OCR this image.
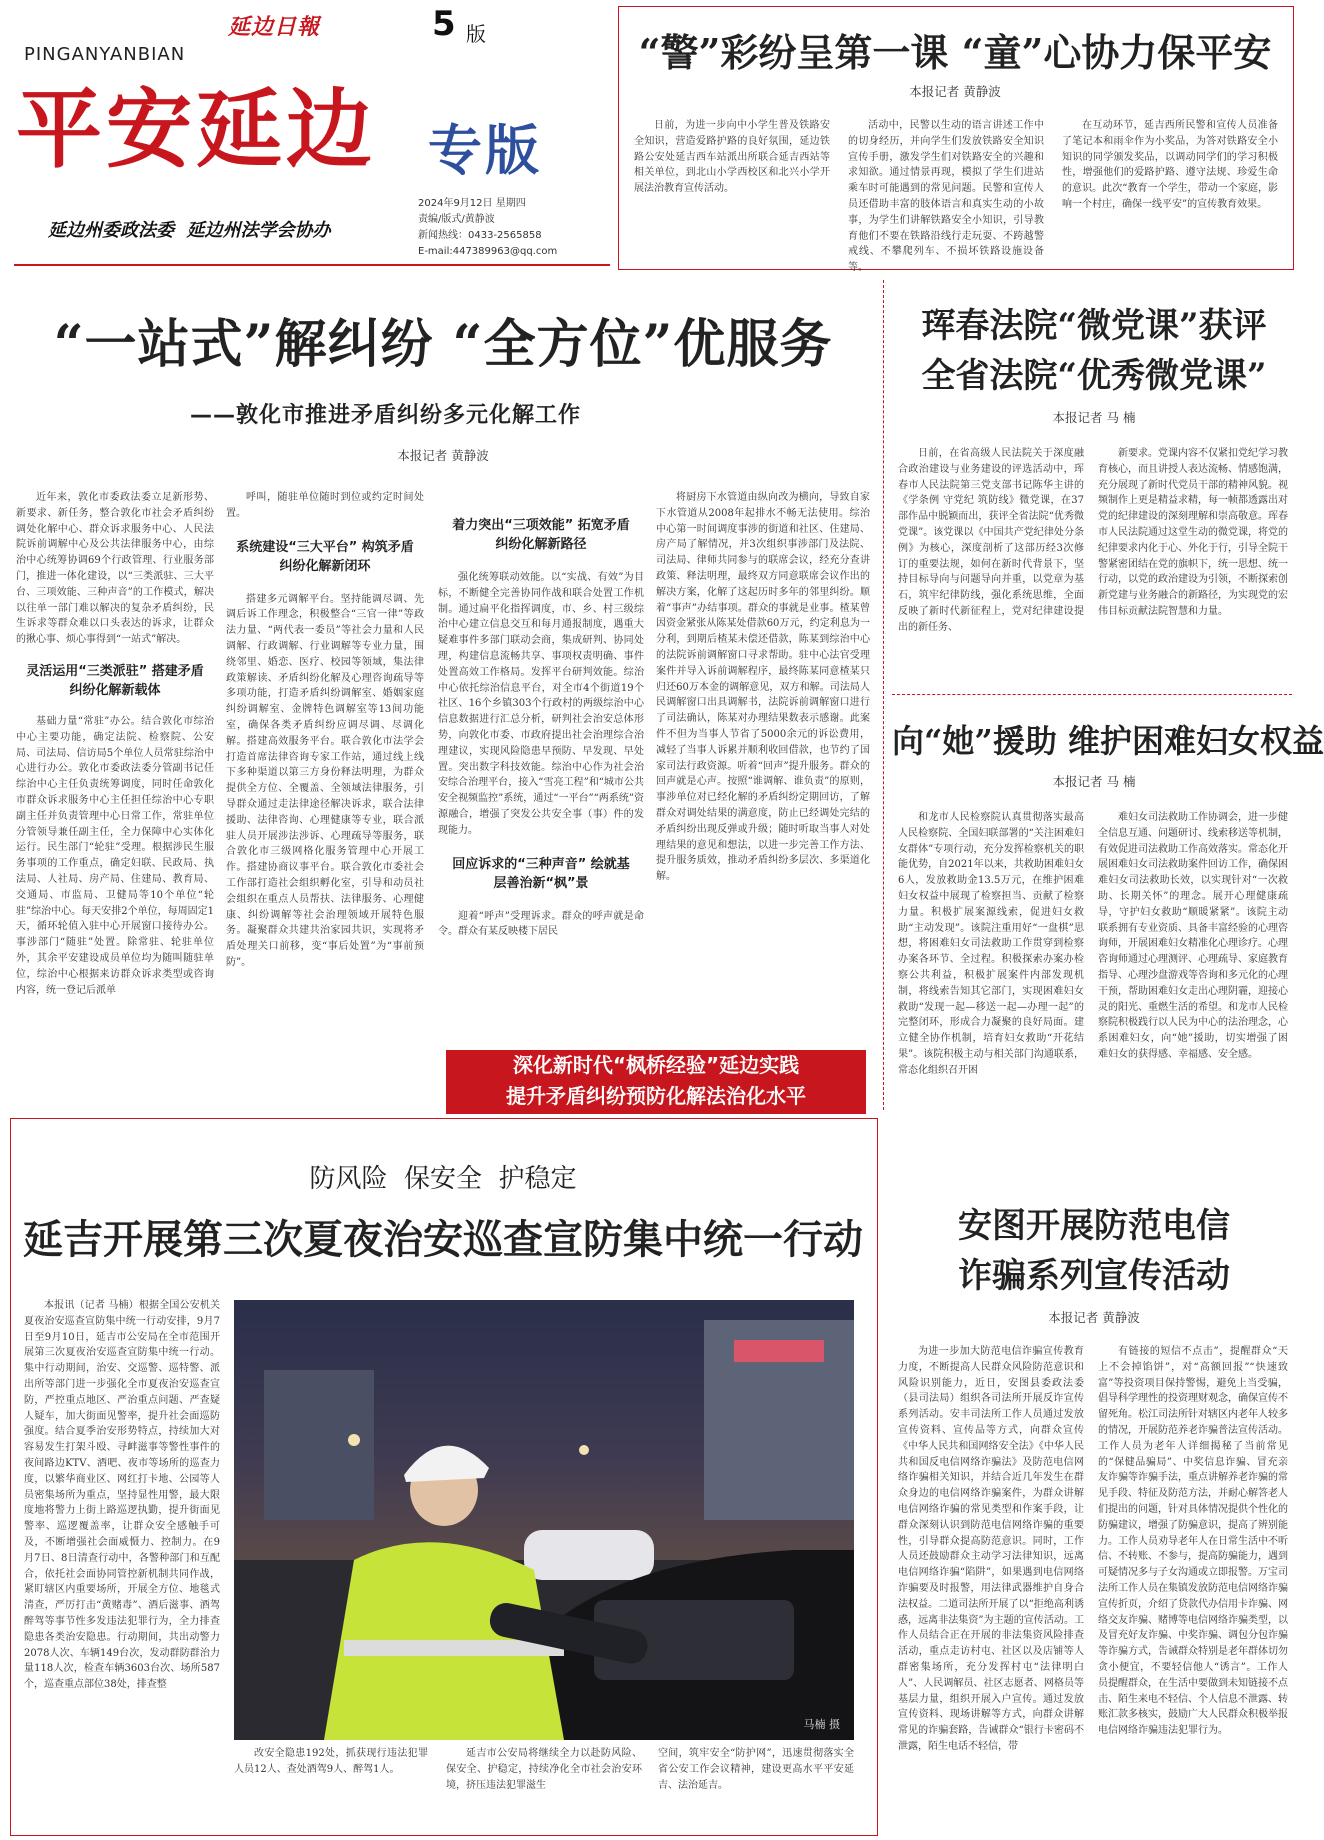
延边日報	5 版
PINGANYANBIAN
平安延边 专版
延边州委政法委  延边州法学会协办
2024年9月12日 星期四
责编/版式/黄静波
新闻热线：0433-2565858
E-mail:447389963@qq.com
“警”彩纷呈第一课 “童”心协力保平安
本报记者 黄静波

日前，为进一步向中小学生普及铁路安全知识，营造爱路护路的良好氛围，延边铁路公安处延吉西车站派出所联合延吉西站等相关单位，到北山小学西校区和北兴小学开展法治教育宣传活动。

活动中，民警以生动的语言讲述工作中的切身经历，并向学生们发放铁路安全知识宣传手册，激发学生们对铁路安全的兴趣和求知欲。通过情景再现，模拟了学生们进站乘车时可能遇到的常见问题。民警和宣传人员还借助丰富的肢体语言和真实生动的小故事，为学生们讲解铁路安全小知识，引导教育他们不要在铁路沿线行走玩耍、不跨越警戒线、不攀爬列车、不损坏铁路设施设备等。

在互动环节，延吉西所民警和宣传人员准备了笔记本和雨伞作为小奖品，为答对铁路安全小知识的同学颁发奖品，以调动同学们的学习积极性，增强他们的爱路护路、遵守法规、珍爱生命的意识。此次“教育一个学生，带动一个家庭，影响一个村庄，确保一线平安”的宣传教育效果。

“一站式”解纠纷 “全方位”优服务
——敦化市推进矛盾纠纷多元化解工作
本报记者 黄静波

近年来，敦化市委政法委立足新形势、新要求、新任务，整合敦化市社会矛盾纠纷调处化解中心、群众诉求服务中心、人民法院诉前调解中心及公共法律服务中心，由综治中心统筹协调69个行政管理、行业服务部门，推进一体化建设，以“三类派驻、三大平台、三项效能、三种声音”的工作模式，解决以往单一部门难以解决的复杂矛盾纠纷，民生诉求等群众难以口头表达的诉求，让群众的揪心事、烦心事得到“一站式”解决。

灵活运用“三类派驻” 搭建矛盾纠纷化解新载体

基础力量“常驻”办公。结合敦化市综治中心主要功能，确定法院、检察院、公安局、司法局、信访局5个单位人员常驻综治中心进行办公。敦化市委政法委分管副书记任综治中心主任负责统筹调度，同时任命敦化市群众诉求服务中心主任担任综治中心专职副主任并负责管理中心日常工作，常驻单位分管领导兼任副主任，全力保障中心实体化运行。民生部门“轮驻”受理。根据涉民生服务事项的工作重点，确定妇联、民政局、执法局、人社局、房产局、住建局、教育局、交通局、市监局、卫健局等10个单位“轮驻”综治中心。每天安排2个单位，每周固定1天，循环轮值入驻中心开展窗口接待办公。事涉部门“随驻”处置。除常驻、轮驻单位外，其余平安建设成员单位均为随叫随驻单位，综治中心根据来访群众诉求类型或咨询内容，统一登记后派单

呼叫，随驻单位随时到位或约定时间处置。

系统建设“三大平台” 构筑矛盾纠纷化解新闭环

搭建多元调解平台。坚持能调尽调、先调后诉工作理念，积极整合“三官一律”等政法力量、“两代表一委员”等社会力量和人民调解、行政调解、行业调解等专业力量，围绕邻里、婚恋、医疗、校园等领域，集法律政策解读、矛盾纠纷化解及心理咨询疏导等多项功能，打造矛盾纠纷调解室、婚姻家庭纠纷调解室、金牌特色调解室等13间功能室，确保各类矛盾纠纷应调尽调、尽调化解。搭建高效服务平台。联合敦化市法学会打造首席法律咨询专家工作站，通过线上线下多种渠道以第三方身份释法明理，为群众提供全方位、全覆盖、全领域法律服务，引导群众通过走法律途径解决诉求，联合法律援助、法律咨询、心理健康等专业，联合派驻人员开展涉法涉诉、心理疏导等服务，联合敦化市三级网格化服务管理中心开展工作。搭建协商议事平台。联合敦化市委社会工作部打造社会组织孵化室，引导和动员社会组织在重点人员帮扶、法律服务、心理健康、纠纷调解等社会治理领域开展特色服务。凝聚群众共建共治家园共识，实现将矛盾处理关口前移，变“事后处置”为“事前预防”。

着力突出“三项效能” 拓宽矛盾纠纷化解新路径

强化统筹联动效能。以“实战、有效”为目标，不断健全完善协同作战和联合处置工作机制。通过扁平化指挥调度，市、乡、村三级综治中心建立信息交互和每月通报制度，遇重大疑难事件多部门联动会商，集成研判、协同处理，构建信息流畅共享、事项权责明确、事件处置高效工作格局。发挥平台研判效能。综治中心依托综治信息平台，对全市4个街道19个社区、16个乡镇303个行政村的两级综治中心信息数据进行汇总分析，研判社会治安总体形势，向敦化市委、市政府提出社会治理综合治理建议，实现风险隐患早预防、早发现、早处置。突出数字科技效能。综治中心作为社会治安综合治理平台，接入“雪亮工程”和“城市公共安全视频监控”系统，通过“一平台”“两系统”资源融合，增强了突发公共安全事（事）件的发现能力。

回应诉求的“三种声音” 绘就基层善治新“枫”景

迎着“呼声”受理诉求。群众的呼声就是命令。群众有某反映楼下居民

将厨房下水管道由纵向改为横向，导致自家下水管道从2008年起排水不畅无法使用。综治中心第一时间调度事涉的街道和社区、住建局、房产局了解情况，并3次组织事涉部门及法院、司法局、律师共同参与的联席会议，经充分查讲政策、释法明理，最终双方同意联席会议作出的解决方案，化解了这起历时多年的邻里纠纷。顺着“事声”办结事项。群众的事就是业事。楂某曾因资金紧张从陈某处借款60万元，约定利息为一分利，到期后楂某未偿还借款，陈某到综治中心的法院诉前调解窗口寻求帮助。驻中心法官受理案件并导入诉前调解程序，最终陈某同意楂某只归还60万本金的调解意见，双方和解。司法局人民调解窗口出具调解书，法院诉前调解窗口进行了司法确认，陈某对办理结果数表示感谢。此案件不但为当事人节省了5000余元的诉讼费用，减轻了当事人诉累并顺利收回借款，也节约了国家司法行政资源。听着“回声”提升服务。群众的回声就是心声。按照“谁调解、谁负责”的原则，事涉单位对已经化解的矛盾纠纷定期回访，了解群众对调处结果的满意度，防止已经调处完结的矛盾纠纷出现反弹或升级；随时听取当事人对处理结果的意见和想法，以进一步完善工作方法、提升服务质效，推动矛盾纠纷多层次、多渠道化解。

深化新时代“枫桥经验”延边实践
提升矛盾纠纷预防化解法治化水平
珲春法院“微党课”获评
全省法院“优秀微党课”
本报记者 马 楠

日前，在省高级人民法院关于深度融合政治建设与业务建设的评选活动中，珲春市人民法院第三党支部书记陈华主讲的《学条例 守党纪 筑防线》微党课，在37部作品中脱颖而出，获评全省法院“优秀微党课”。该党课以《中国共产党纪律处分条例》为核心，深度剖析了这部历经3次修订的重要法规，如何在新时代背景下，坚持目标导向与问题导向并重，以党章为基石，筑牢纪律防线，强化系统思维，全面反映了新时代新征程上，党对纪律建设提出的新任务、

新要求。党课内容不仅紧扣党纪学习教育核心，而且讲授人表达流畅、情感饱满，充分展现了新时代党员干部的精神风貌。视频制作上更是精益求精，每一帧都透露出对党的纪律建设的深刻理解和崇高敬意。珲春市人民法院通过这堂生动的微党课，将党的纪律要求内化于心、外化于行，引导全院干警紧密团结在党的旗帜下，统一思想、统一行动，以党的政治建设为引领，不断探索创新党建与业务融合的新路径，为实现党的宏伟目标贡献法院智慧和力量。

向“她”援助 维护困难妇女权益
本报记者 马 楠

和龙市人民检察院认真贯彻落实最高人民检察院、全国妇联部署的“关注困难妇女群体”专项行动，充分发挥检察机关的职能优势，自2021年以来，共救助困难妇女6人，发放救助金13.5万元，在维护困难妇女权益中展现了检察担当、贡献了检察力量。积极扩展案源线索，促进妇女救助“主动发现”。该院注重用好“一盘棋”思想，将困难妇女司法救助工作贯穿到检察办案各环节、全过程。积极探索办案办检察公共利益，积极扩展案件内部发现机制，将线索告知其它部门，实现困难妇女救助“发现一起—移送一起—办理一起”的完整闭环，形成合力凝聚的良好局面。建立健全协作机制，培育妇女救助“开花结果”。该院积极主动与相关部门沟通联系，常态化组织召开困

难妇女司法救助工作协调会，进一步健全信息互通、问题研讨、线索移送等机制，有效促进司法救助工作高效落实。常态化开展困难妇女司法救助案件回访工作，确保困难妇女司法救助长效，以实现针对“一次救助、长期关怀”的理念。展开心理健康疏导，守护妇女救助“顺暖紧紧”。该院主动联系拥有专业资质、具备丰富经验的心理咨询师，开展困难妇女精准化心理诊疗。心理咨询师通过心理测评、心理疏导、家庭教育指导、心理沙盘游戏等咨询和多元化的心理干预，帮助困难妇女走出心理阴霾，迎接心灵的阳光、重燃生活的希望。和龙市人民检察院积极践行以人民为中心的法治理念，心系困难妇女，向“她”援助，切实增强了困难妇女的获得感、幸福感、安全感。

防风险  保安全  护稳定
延吉开展第三次夏夜治安巡查宣防集中统一行动

本报讯（记者 马楠）根据全国公安机关夏夜治安巡查宣防集中统一行动安排，9月7日至9月10日，延吉市公安局在全市范围开展第三次夏夜治安巡查宣防集中统一行动。集中行动期间，治安、交巡警、巡特警、派出所等部门进一步强化全市夏夜治安巡查宣防，严控重点地区、严治重点问题、严查疑人疑车，加大街面见警率，提升社会面巡防强度。结合夏季治安形势特点，持续加大对容易发生打架斗殴、寻衅滋事等警性事件的夜间路边KTV、酒吧、夜市等场所的巡查力度，以繁华商业区、网红打卡地、公园等人员密集场所为重点，坚持显性用警，最大限度地将警力上街上路巡逻执勤，提升街面见警率、巡逻覆盖率，让群众安全感触手可及，不断增强社会面威慑力、控制力。在9月7日、8日清查行动中，各警种部门和互配合，依托社会面协同管控新机制共同作战，紧盯辖区内重要场所，开展全方位、地毯式清查，严厉打击“黄赌毒”、酒后滋事、酒驾醉驾等事节性多发违法犯罪行为，全力排查隐患各类治安隐患。行动期间，共出动警力2078人次、车辆149台次，发动群防群治力量118人次，检查车辆3603台次、场所587个，巡查重点部位38处，排查整

马楠 摄

改安全隐患192处，抓获现行违法犯罪人员12人、查处酒驾9人、醉驾1人。

延吉市公安局将继续全力以赴防风险、保安全、护稳定，持续净化全市社会治安环境，挤压违法犯罪滋生

空间，筑牢安全“防护网”，迅速贯彻落实全省公安工作会议精神，建设更高水平平安延吉、法治延吉。

安图开展防范电信
诈骗系列宣传活动
本报记者 黄静波

为进一步加大防范电信诈骗宣传教育力度，不断提高人民群众风险防范意识和风险识别能力，近日，安图县委政法委（县司法局）组织各司法所开展反诈宣传系列活动。安丰司法所工作人员通过发放宣传资料、宣传品等方式，向群众宣传《中华人民共和国网络安全法》《中华人民共和国反电信网络诈骗法》及防范电信网络诈骗相关知识，并结合近几年发生在群众身边的电信网络诈骗案件，为群众讲解电信网络诈骗的常见类型和作案手段，让群众深刻认识到防范电信网络诈骗的重要性，引导群众提高防范意识。同时，工作人员还鼓励群众主动学习法律知识，远离电信网络诈骗“陷阱”，如果遇到电信网络诈骗要及时报警，用法律武器维护自身合法权益。二道司法所开展了以“拒绝高利诱惑，远离非法集资”为主题的宣传活动。工作人员结合正在开展的非法集资风险排查活动，重点走访村屯、社区以及店铺等人群密集场所，充分发挥村屯“法律明白人”、人民调解员、社区志愿者、网格员等基层力量，组织开展入户宣传。通过发放宣传资料、现场讲解等方式，向群众讲解常见的诈骗套路，告诫群众“银行卡密码不泄露，陌生电话不轻信，带

有链接的短信不点击”，提醒群众“天上不会掉馅饼”，对“高额回报”“快速致富”等投资项目保持警惕，避免上当受骗，倡导科学理性的投资理财观念，确保宣传不留死角。松江司法所针对辖区内老年人较多的情况，开展防范养老诈骗普法宣传活动。工作人员为老年人详细揭秘了当前常见的“保健品骗局”、中奖信息诈骗、冒充亲友诈骗等诈骗手法，重点讲解养老诈骗的常见手段、特征及防范方法，并耐心解答老人们提出的问题，针对具体情况提供个性化的防骗建议，增强了防骗意识，提高了辨别能力。工作人员劝导老年人在日常生活中不听信、不转账、不参与，提高防骗能力，遇到可疑情况多与子女沟通或立即报警。万宝司法所工作人员在集镇发放防范电信网络诈骗宣传折页，介绍了贷款代办信用卡诈骗、网络交友诈骗、赌博等电信网络诈骗类型，以及冒充好友诈骗、中奖诈骗、调包分包诈骗等诈骗方式，告诫群众特别是老年群体切勿贪小便宜，不要轻信他人“诱言”。工作人员提醒群众，在生活中要做到未知链接不点击、陌生来电不轻信、个人信息不泄露、转账汇款多核实，鼓励广大人民群众积极举报电信网络诈骗违法犯罪行为。
